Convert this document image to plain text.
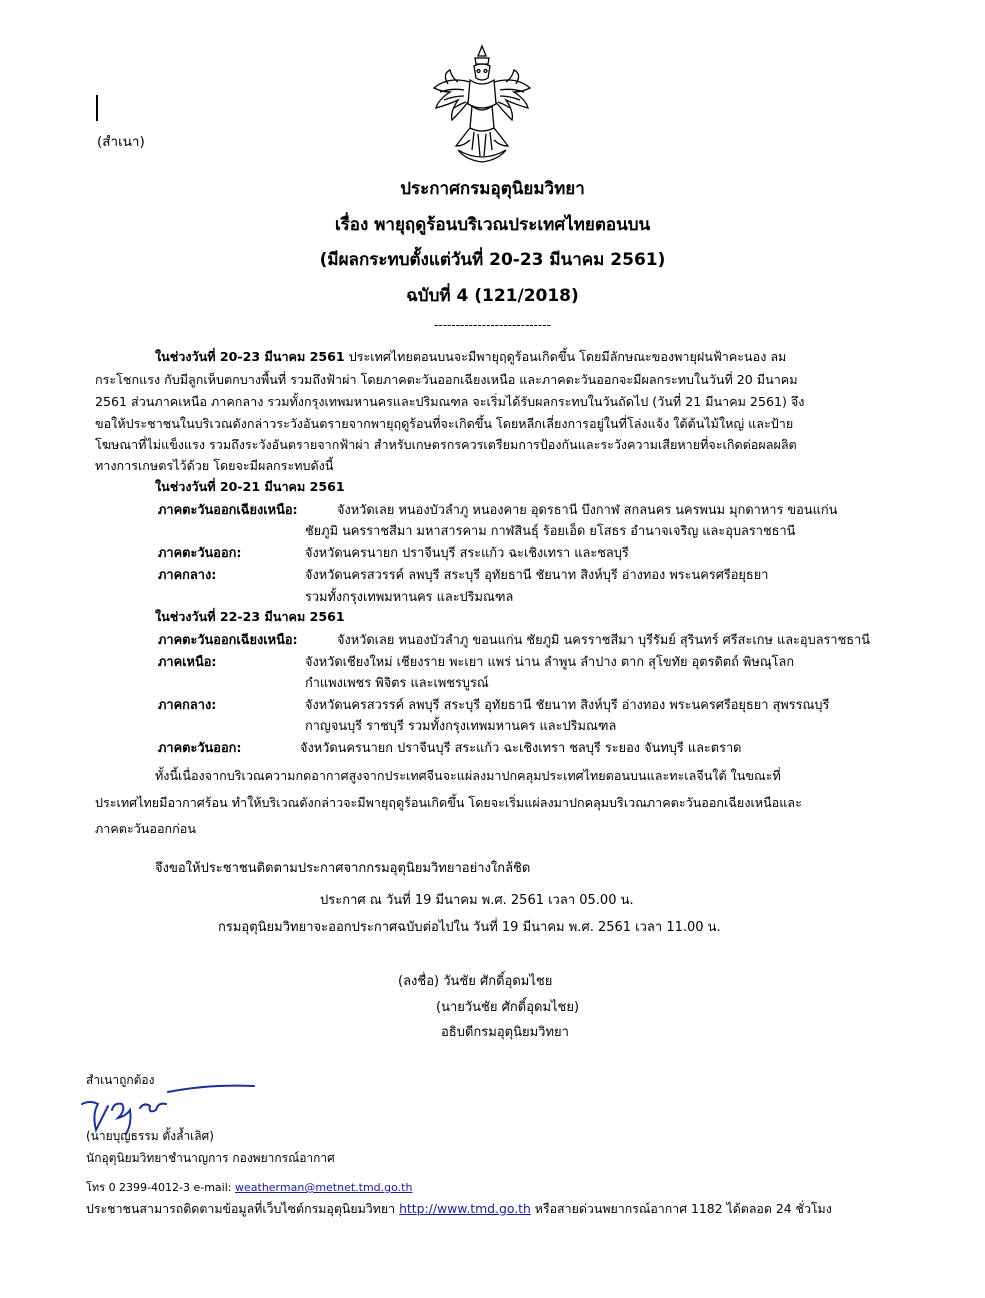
(สำเนา)
ประกาศกรมอุตุนิยมวิทยา
เรื่อง พายุฤดูร้อนบริเวณประเทศไทยตอนบน
(มีผลกระทบตั้งแต่วันที่ 20-23 มีนาคม 2561)
ฉบับที่ 4 (121/2018)
---------------------------
ในช่วงวันที่ 20-23 มีนาคม 2561 ประเทศไทยตอนบนจะมีพายุฤดูร้อนเกิดขึ้น โดยมีลักษณะของพายุฝนฟ้าคะนอง ลม
กระโชกแรง กับมีลูกเห็บตกบางพื้นที่ รวมถึงฟ้าผ่า โดยภาคตะวันออกเฉียงเหนือ และภาคตะวันออกจะมีผลกระทบในวันที่ 20 มีนาคม
2561 ส่วนภาคเหนือ ภาคกลาง รวมทั้งกรุงเทพมหานครและปริมณฑล จะเริ่มได้รับผลกระทบในวันถัดไป (วันที่ 21 มีนาคม 2561) จึง
ขอให้ประชาชนในบริเวณดังกล่าวระวังอันตรายจากพายุฤดูร้อนที่จะเกิดขึ้น โดยหลีกเลี่ยงการอยู่ในที่โล่งแจ้ง ใต้ต้นไม้ใหญ่ และป้าย
โฆษณาที่ไม่แข็งแรง รวมถึงระวังอันตรายจากฟ้าผ่า สำหรับเกษตรกรควรเตรียมการป้องกันและระวังความเสียหายที่จะเกิดต่อผลผลิต
ทางการเกษตรไว้ด้วย โดยจะมีผลกระทบดังนี้
ในช่วงวันที่ 20-21 มีนาคม 2561
ภาคตะวันออกเฉียงเหนือ:	จังหวัดเลย หนองบัวลำภู หนองคาย อุดรธานี บึงกาฬ สกลนคร นครพนม มุกดาหาร ขอนแก่น
ชัยภูมิ นครราชสีมา มหาสารคาม กาฬสินธุ์ ร้อยเอ็ด ยโสธร อำนาจเจริญ และอุบลราชธานี
ภาคตะวันออก:	จังหวัดนครนายก ปราจีนบุรี สระแก้ว ฉะเชิงเทรา และชลบุรี
ภาคกลาง:	จังหวัดนครสวรรค์ ลพบุรี สระบุรี อุทัยธานี ชัยนาท สิงห์บุรี อ่างทอง พระนครศรีอยุธยา
รวมทั้งกรุงเทพมหานคร และปริมณฑล
ในช่วงวันที่ 22-23 มีนาคม 2561
ภาคตะวันออกเฉียงเหนือ:	จังหวัดเลย หนองบัวลำภู ขอนแก่น ชัยภูมิ นครราชสีมา บุรีรัมย์ สุรินทร์ ศรีสะเกษ และอุบลราชธานี
ภาคเหนือ:	จังหวัดเชียงใหม่ เชียงราย พะเยา แพร่ น่าน ลำพูน ลำปาง ตาก สุโขทัย อุตรดิตถ์ พิษณุโลก
กำแพงเพชร พิจิตร และเพชรบูรณ์
ภาคกลาง:	จังหวัดนครสวรรค์ ลพบุรี สระบุรี อุทัยธานี ชัยนาท สิงห์บุรี อ่างทอง พระนครศรีอยุธยา สุพรรณบุรี
กาญจนบุรี ราชบุรี รวมทั้งกรุงเทพมหานคร และปริมณฑล
ภาคตะวันออก:	จังหวัดนครนายก ปราจีนบุรี สระแก้ว ฉะเชิงเทรา ชลบุรี ระยอง จันทบุรี และตราด
ทั้งนี้เนื่องจากบริเวณความกดอากาศสูงจากประเทศจีนจะแผ่ลงมาปกคลุมประเทศไทยตอนบนและทะเลจีนใต้ ในขณะที่
ประเทศไทยมีอากาศร้อน ทำให้บริเวณดังกล่าวจะมีพายุฤดูร้อนเกิดขึ้น โดยจะเริ่มแผ่ลงมาปกคลุมบริเวณภาคตะวันออกเฉียงเหนือและ
ภาคตะวันออกก่อน
จึงขอให้ประชาชนติดตามประกาศจากกรมอุตุนิยมวิทยาอย่างใกล้ชิด
ประกาศ ณ วันที่ 19 มีนาคม พ.ศ. 2561 เวลา 05.00 น.
กรมอุตุนิยมวิทยาจะออกประกาศฉบับต่อไปใน วันที่ 19 มีนาคม พ.ศ. 2561 เวลา 11.00 น.
(ลงชื่อ) วันชัย ศักดิ์อุดมไชย
(นายวันชัย ศักดิ์อุดมไชย)
อธิบดีกรมอุตุนิยมวิทยา
สำเนาถูกต้อง
(นายบุญธรรม ตั้งล้ำเลิศ)
นักอุตุนิยมวิทยาชำนาญการ กองพยากรณ์อากาศ
โทร 0 2399-4012-3 e-mail: weatherman@metnet.tmd.go.th
ประชาชนสามารถติดตามข้อมูลที่เว็บไซต์กรมอุตุนิยมวิทยา http://www.tmd.go.th หรือสายด่วนพยากรณ์อากาศ 1182 ได้ตลอด 24 ชั่วโมง
